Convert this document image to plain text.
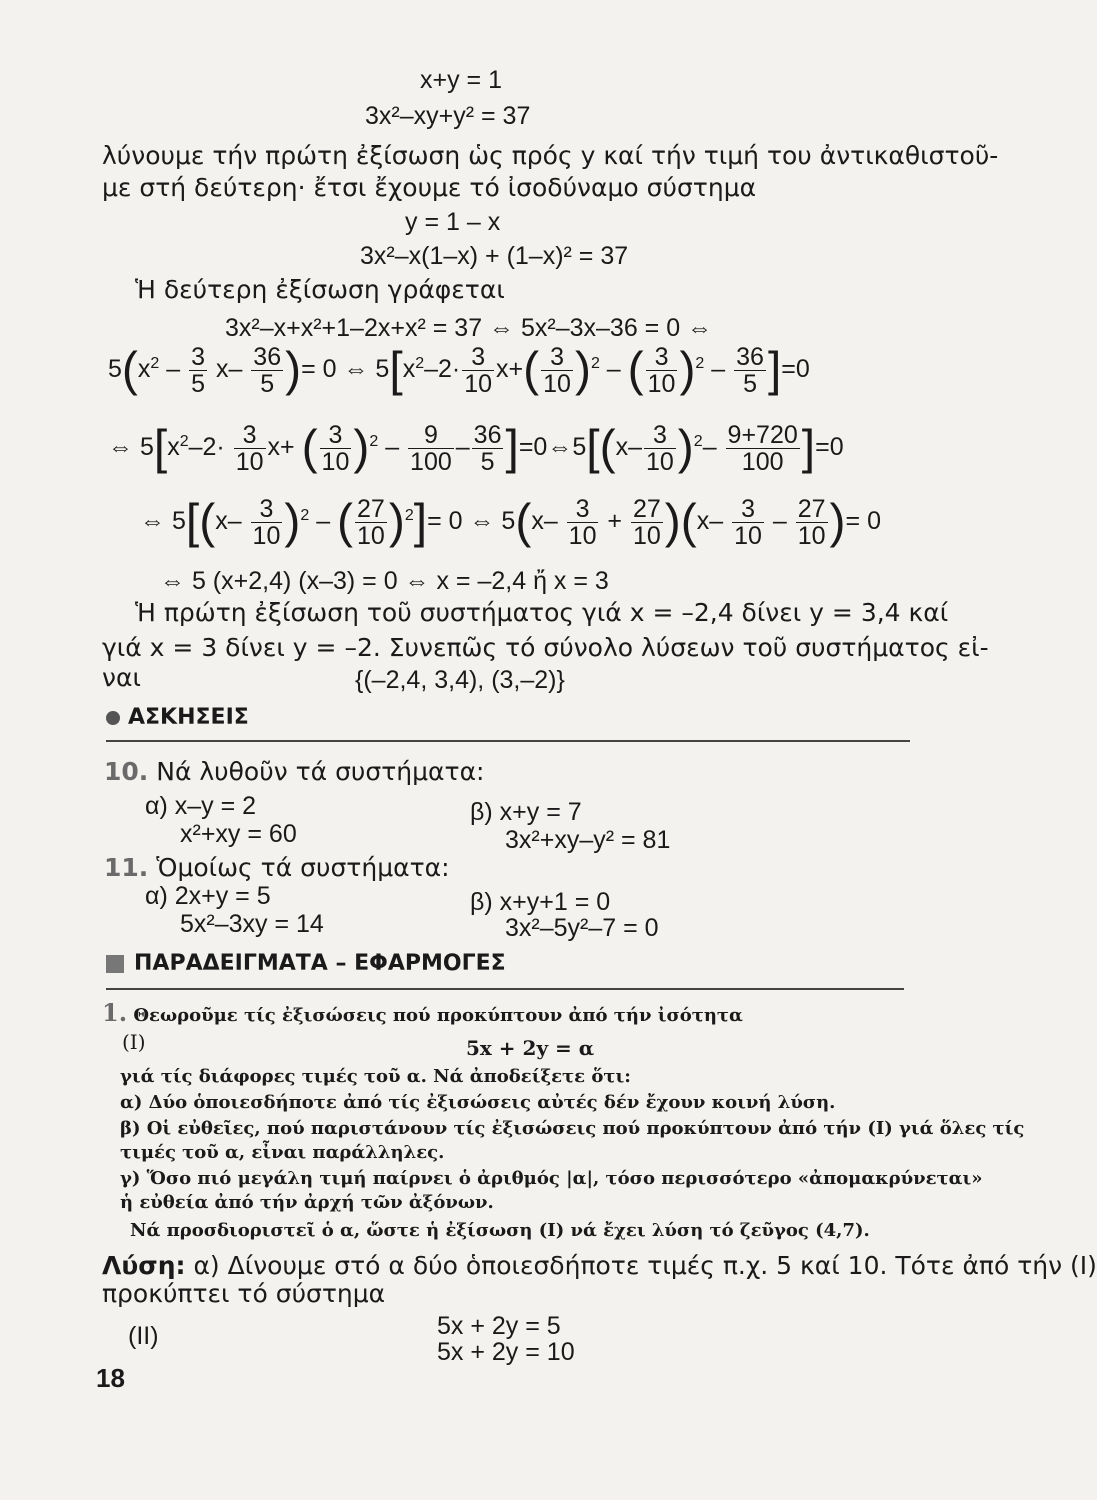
x+y = 1
3x²–xy+y² = 37
λύνουμε τήν πρώτη ἐξίσωση ὡς πρός y καί τήν τιμή του ἀντικαθιστοῦ-
με στή δεύτερη· ἔτσι ἔχουμε τό ἰσοδύναμο σύστημα
y = 1 – x
3x²–x(1–x) + (1–x)² = 37
Ἡ δεύτερη ἐξίσωση γράφεται
3x²–x+x²+1–2x+x² = 37 ⇔ 5x²–3x–36 = 0 ⇔
$5(x^2 - \frac{3}{5} x- \frac{36}{5}$ )= 0 ⇔ $5[x^2-2\cdot \frac{3}{10} x+( \frac{3}{10} )^2$ – ( $\frac{3}{10} )^2 - \frac{36}{5} ]=0$
⇔ $5[x^2-2\cdot \frac{3}{10} x+$ ( $\frac{3}{10} )^2 - \frac{9}{100} - \frac{36}{5}$ ]=0⇔5[(x– $\frac{3}{10} )^2- \frac{9+720}{100} ]=0$
⇔ $5[(x- \frac{3}{10} )^2$ – ( $\frac{27}{10} )^2]= 0$ ⇔ $5(x- \frac{3}{10} + \frac{27}{10} )(x- \frac{3}{10} - \frac{27}{10}$ )= 0
⇔ 5 (x+2,4) (x–3) = 0 ⇔ x = –2,4 ἤ x = 3
Ἡ πρώτη ἐξίσωση τοῦ συστήματος γιά x = –2,4 δίνει y = 3,4 καί
γιά x = 3 δίνει y = –2. Συνεπῶς τό σύνολο λύσεων τοῦ συστήματος εἰ-
ναι	{(–2,4, 3,4), (3,–2)}
ΑΣΚΗΣΕΙΣ
10. Νά λυθοῦν τά συστήματα:
α) x–y = 2
x²+xy = 60
β) x+y = 7
3x²+xy–y² = 81
11. Ὁμοίως τά συστήματα:
α) 2x+y = 5
5x²–3xy = 14
β) x+y+1 = 0
3x²–5y²–7 = 0
ΠΑΡΑΔΕΙΓΜΑΤΑ – ΕΦΑΡΜΟΓΕΣ
1. Θεωροῦμε τίς ἐξισώσεις πού προκύπτουν ἀπό τήν ἰσότητα
(I)	5x + 2y = α
γιά τίς διάφορες τιμές τοῦ α. Νά ἀποδείξετε ὅτι:
α) Δύο ὁποιεσδήποτε ἀπό τίς ἐξισώσεις αὐτές δέν ἔχουν κοινή λύση.
β) Οἱ εὐθεῖες, πού παριστάνουν τίς ἐξισώσεις πού προκύπτουν ἀπό τήν (I) γιά ὅλες τίς
τιμές τοῦ α, εἶναι παράλληλες.
γ) Ὅσο πιό μεγάλη τιμή παίρνει ὁ ἀριθμός |α|, τόσο περισσότερο «ἀπομακρύνεται»
ἡ εὐθεία ἀπό τήν ἀρχή τῶν ἀξόνων.
Νά προσδιοριστεῖ ὁ α, ὥστε ἡ ἐξίσωση (I) νά ἔχει λύση τό ζεῦγος (4,7).
Λύση: α) Δίνουμε στό α δύο ὁποιεσδήποτε τιμές π.χ. 5 καί 10. Τότε ἀπό τήν (I)
προκύπτει τό σύστημα
(II)	5x + 2y = 5
5x + 2y = 10
18
